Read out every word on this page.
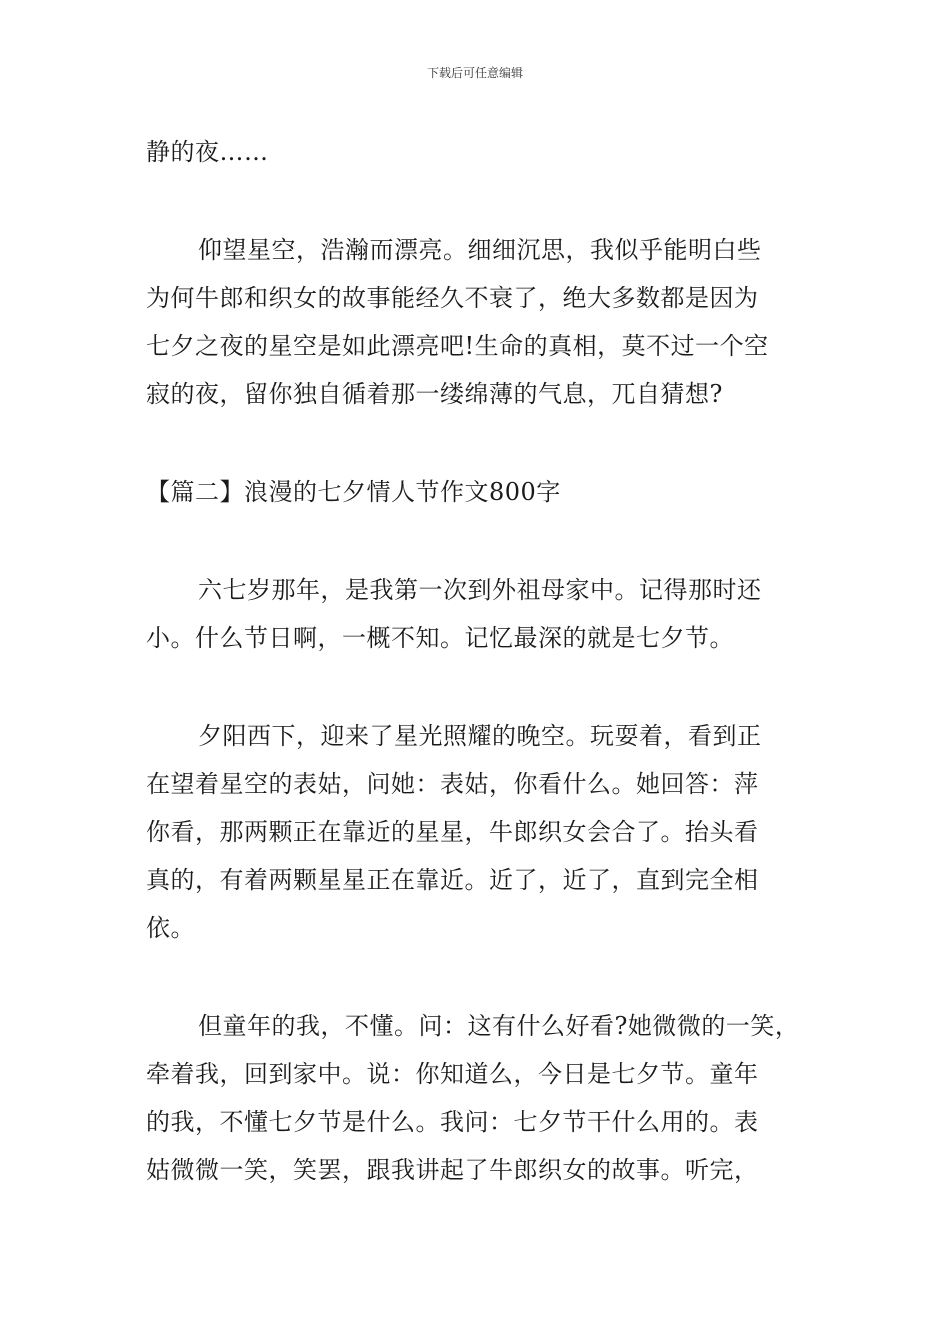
下载后可任意编辑

静的夜……

仰望星空，浩瀚而漂亮。细细沉思，我似乎能明白些
为何牛郎和织女的故事能经久不衰了，绝大多数都是因为
七夕之夜的星空是如此漂亮吧!生命的真相，莫不过一个空
寂的夜，留你独自循着那一缕绵薄的气息，兀自猜想?

【篇二】浪漫的七夕情人节作文800字

六七岁那年，是我第一次到外祖母家中。记得那时还
小。什么节日啊，一概不知。记忆最深的就是七夕节。

夕阳西下，迎来了星光照耀的晚空。玩耍着，看到正
在望着星空的表姑，问她：表姑，你看什么。她回答：萍
你看，那两颗正在靠近的星星，牛郎织女会合了。抬头看
真的，有着两颗星星正在靠近。近了，近了，直到完全相
依。

但童年的我，不懂。问：这有什么好看?她微微的一笑，
牵着我，回到家中。说：你知道么，今日是七夕节。童年
的我，不懂七夕节是什么。我问：七夕节干什么用的。表
姑微微一笑，笑罢，跟我讲起了牛郎织女的故事。听完，
